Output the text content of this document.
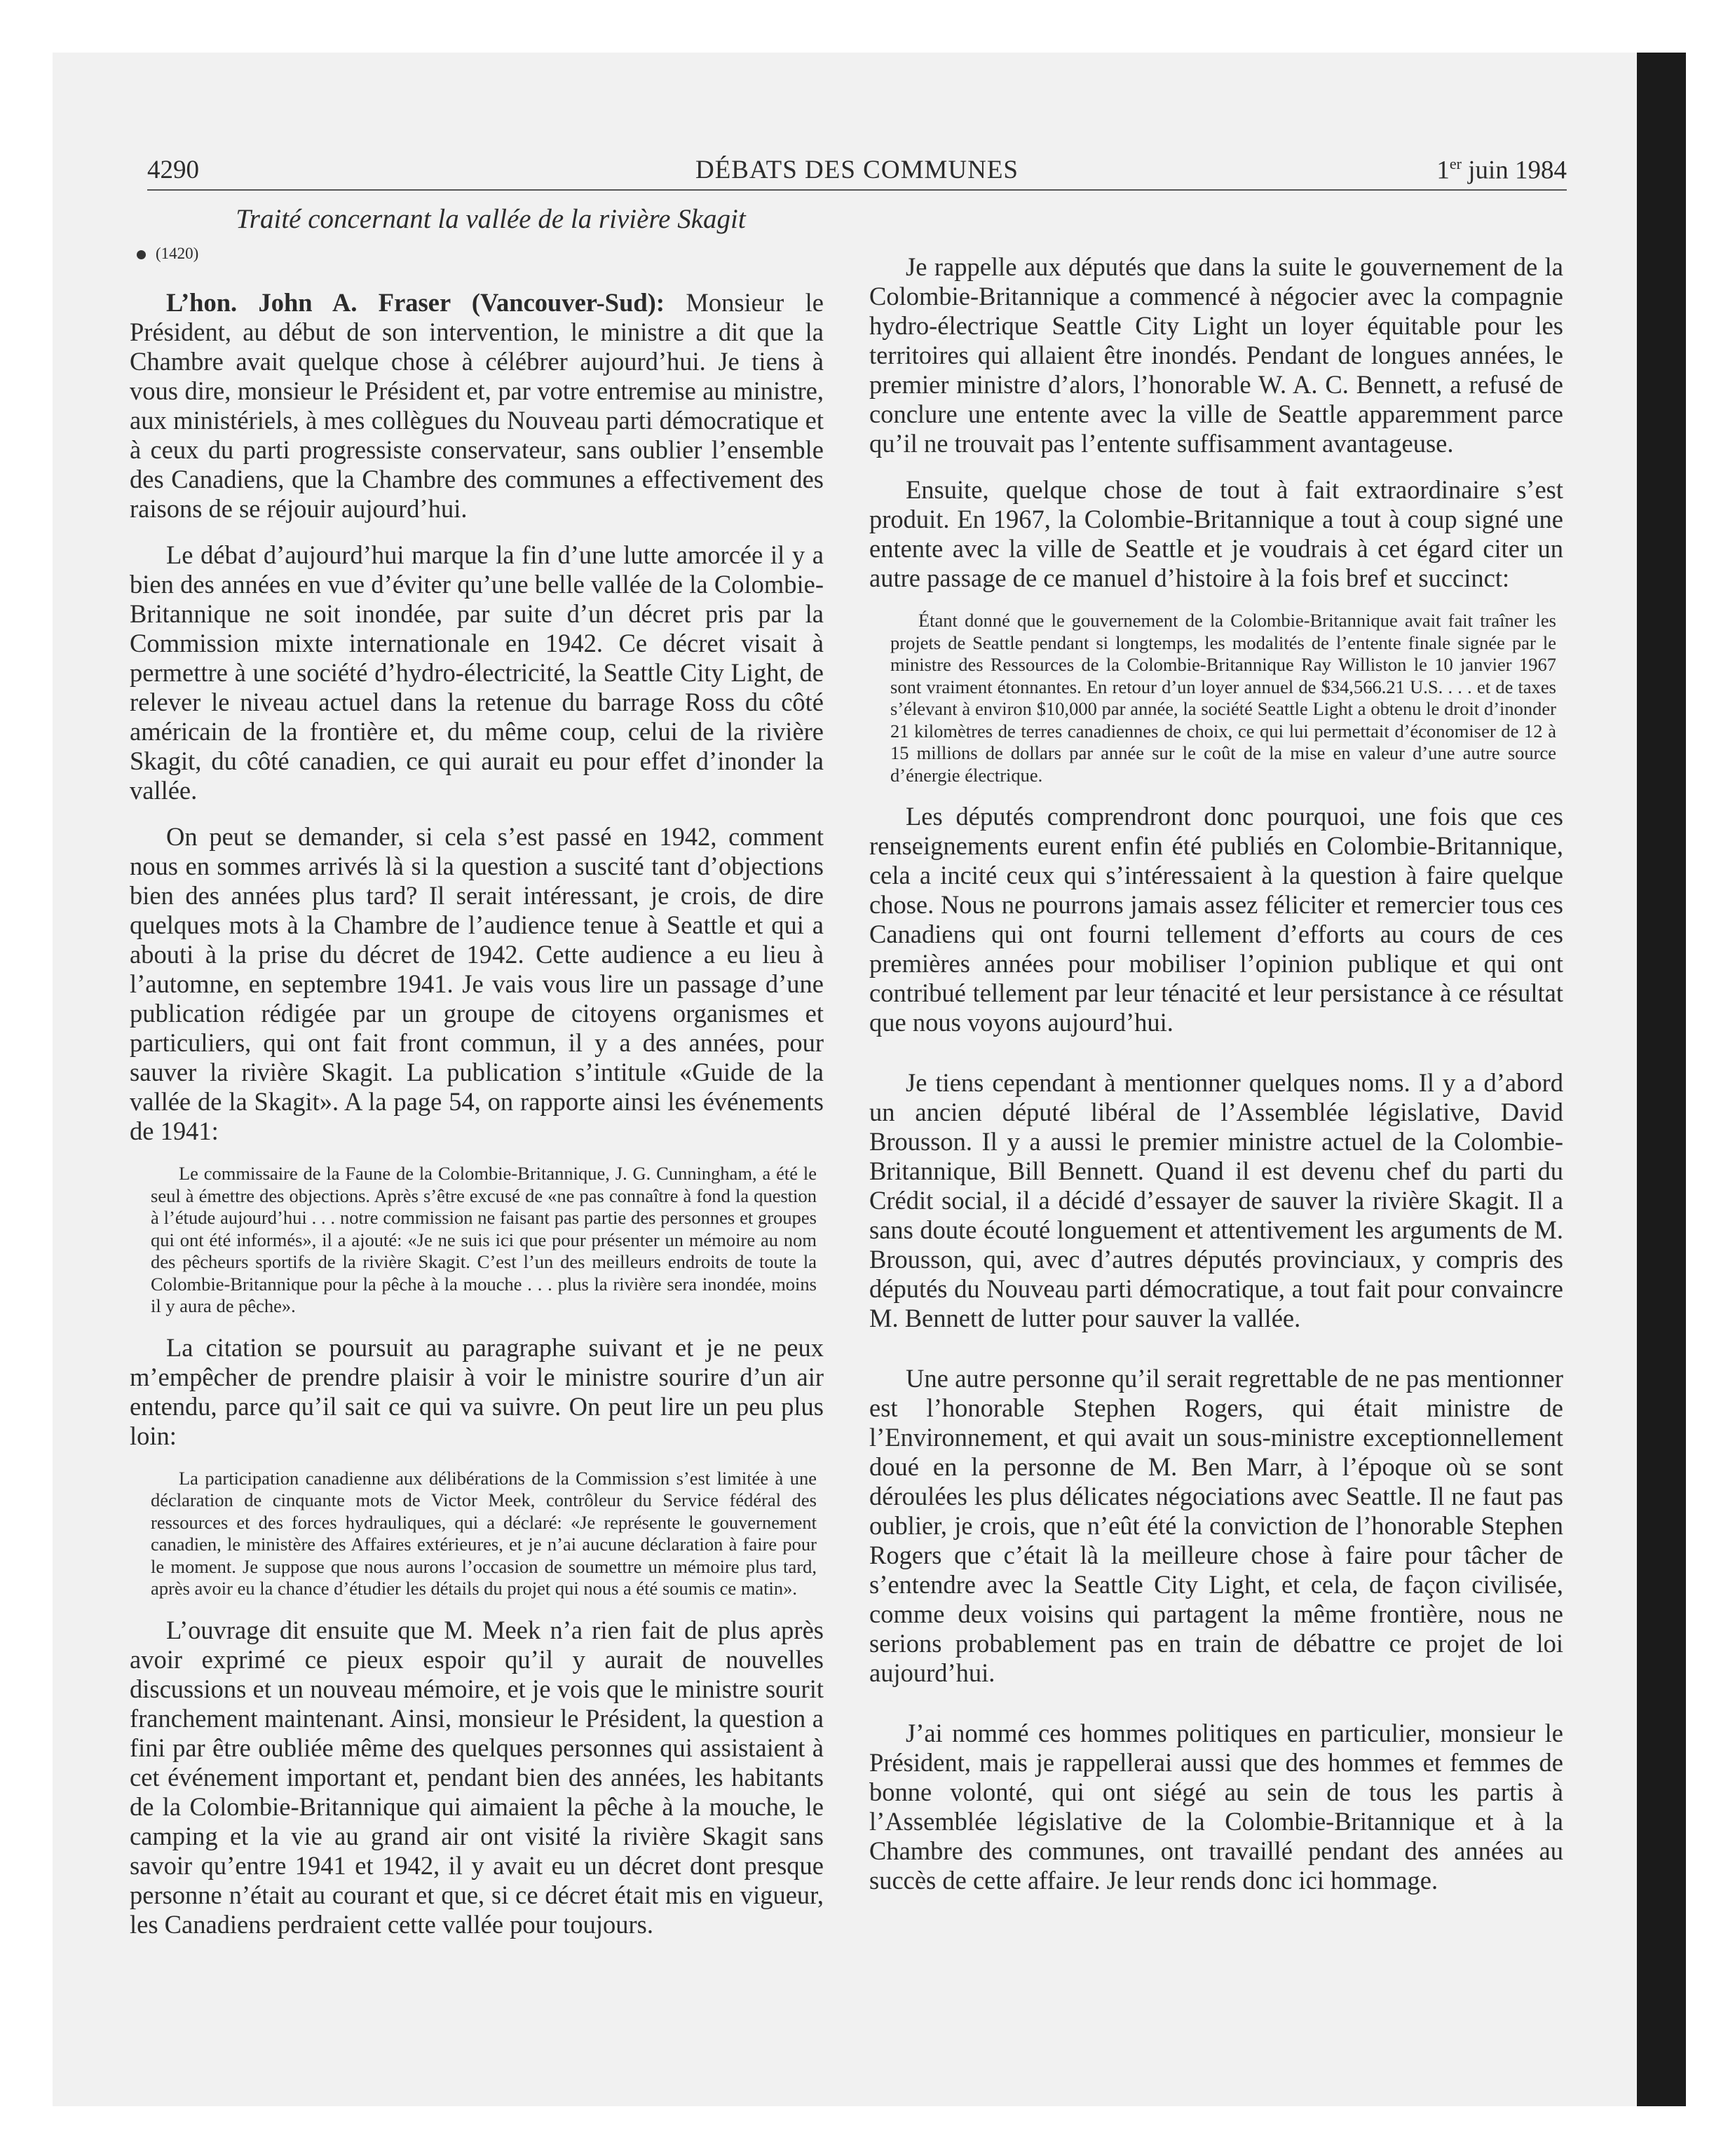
4290	DÉBATS DES COMMUNES	1er juin 1984
Traité concernant la vallée de la rivière Skagit
(1420)

L’hon. John A. Fraser (Vancouver-Sud): Monsieur le Président, au début de son intervention, le ministre a dit que la Chambre avait quelque chose à célébrer aujourd’hui. Je tiens à vous dire, monsieur le Président et, par votre entremise au ministre, aux ministériels, à mes collègues du Nouveau parti démocratique et à ceux du parti progressiste conservateur, sans oublier l’ensemble des Canadiens, que la Chambre des communes a effectivement des raisons de se réjouir aujourd’hui.

Le débat d’aujourd’hui marque la fin d’une lutte amorcée il y a bien des années en vue d’éviter qu’une belle vallée de la Colombie-Britannique ne soit inondée, par suite d’un décret pris par la Commission mixte internationale en 1942. Ce décret visait à permettre à une société d’hydro-électricité, la Seattle City Light, de relever le niveau actuel dans la retenue du barrage Ross du côté américain de la frontière et, du même coup, celui de la rivière Skagit, du côté canadien, ce qui aurait eu pour effet d’inonder la vallée.

On peut se demander, si cela s’est passé en 1942, comment nous en sommes arrivés là si la question a suscité tant d’objections bien des années plus tard? Il serait intéressant, je crois, de dire quelques mots à la Chambre de l’audience tenue à Seattle et qui a abouti à la prise du décret de 1942. Cette audience a eu lieu à l’automne, en septembre 1941. Je vais vous lire un passage d’une publication rédigée par un groupe de citoyens organismes et particuliers, qui ont fait front commun, il y a des années, pour sauver la rivière Skagit. La publication s’intitule «Guide de la vallée de la Skagit». A la page 54, on rapporte ainsi les événements de 1941:

Le commissaire de la Faune de la Colombie-Britannique, J. G. Cunningham, a été le seul à émettre des objections. Après s’être excusé de «ne pas connaître à fond la question à l’étude aujourd’hui . . . notre commission ne faisant pas partie des personnes et groupes qui ont été informés», il a ajouté: «Je ne suis ici que pour présenter un mémoire au nom des pêcheurs sportifs de la rivière Skagit. C’est l’un des meilleurs endroits de toute la Colombie-Britannique pour la pêche à la mouche . . . plus la rivière sera inondée, moins il y aura de pêche».

La citation se poursuit au paragraphe suivant et je ne peux m’empêcher de prendre plaisir à voir le ministre sourire d’un air entendu, parce qu’il sait ce qui va suivre. On peut lire un peu plus loin:

La participation canadienne aux délibérations de la Commission s’est limitée à une déclaration de cinquante mots de Victor Meek, contrôleur du Service fédéral des ressources et des forces hydrauliques, qui a déclaré: «Je représente le gouvernement canadien, le ministère des Affaires extérieures, et je n’ai aucune déclaration à faire pour le moment. Je suppose que nous aurons l’occasion de soumettre un mémoire plus tard, après avoir eu la chance d’étudier les détails du projet qui nous a été soumis ce matin».

L’ouvrage dit ensuite que M. Meek n’a rien fait de plus après avoir exprimé ce pieux espoir qu’il y aurait de nouvelles discussions et un nouveau mémoire, et je vois que le ministre sourit franchement maintenant. Ainsi, monsieur le Président, la question a fini par être oubliée même des quelques personnes qui assistaient à cet événement important et, pendant bien des années, les habitants de la Colombie-Britannique qui aimaient la pêche à la mouche, le camping et la vie au grand air ont visité la rivière Skagit sans savoir qu’entre 1941 et 1942, il y avait eu un décret dont presque personne n’était au courant et que, si ce décret était mis en vigueur, les Canadiens perdraient cette vallée pour toujours.

Je rappelle aux députés que dans la suite le gouvernement de la Colombie-Britannique a commencé à négocier avec la compagnie hydro-électrique Seattle City Light un loyer équitable pour les territoires qui allaient être inondés. Pendant de longues années, le premier ministre d’alors, l’honorable W. A. C. Bennett, a refusé de conclure une entente avec la ville de Seattle apparemment parce qu’il ne trouvait pas l’entente suffisamment avantageuse.

Ensuite, quelque chose de tout à fait extraordinaire s’est produit. En 1967, la Colombie-Britannique a tout à coup signé une entente avec la ville de Seattle et je voudrais à cet égard citer un autre passage de ce manuel d’histoire à la fois bref et succinct:

Étant donné que le gouvernement de la Colombie-Britannique avait fait traîner les projets de Seattle pendant si longtemps, les modalités de l’entente finale signée par le ministre des Ressources de la Colombie-Britannique Ray Williston le 10 janvier 1967 sont vraiment étonnantes. En retour d’un loyer annuel de $34,566.21 U.S. . . . et de taxes s’élevant à environ $10,000 par année, la société Seattle Light a obtenu le droit d’inonder 21 kilomètres de terres canadiennes de choix, ce qui lui permettait d’économiser de 12 à 15 millions de dollars par année sur le coût de la mise en valeur d’une autre source d’énergie électrique.

Les députés comprendront donc pourquoi, une fois que ces renseignements eurent enfin été publiés en Colombie-Britannique, cela a incité ceux qui s’intéressaient à la question à faire quelque chose. Nous ne pourrons jamais assez féliciter et remercier tous ces Canadiens qui ont fourni tellement d’efforts au cours de ces premières années pour mobiliser l’opinion publique et qui ont contribué tellement par leur ténacité et leur persistance à ce résultat que nous voyons aujourd’hui.

Je tiens cependant à mentionner quelques noms. Il y a d’abord un ancien député libéral de l’Assemblée législative, David Brousson. Il y a aussi le premier ministre actuel de la Colombie-Britannique, Bill Bennett. Quand il est devenu chef du parti du Crédit social, il a décidé d’essayer de sauver la rivière Skagit. Il a sans doute écouté longuement et attentivement les arguments de M. Brousson, qui, avec d’autres députés provinciaux, y compris des députés du Nouveau parti démocratique, a tout fait pour convaincre M. Bennett de lutter pour sauver la vallée.

Une autre personne qu’il serait regrettable de ne pas mentionner est l’honorable Stephen Rogers, qui était ministre de l’Environnement, et qui avait un sous-ministre exceptionnellement doué en la personne de M. Ben Marr, à l’époque où se sont déroulées les plus délicates négociations avec Seattle. Il ne faut pas oublier, je crois, que n’eût été la conviction de l’honorable Stephen Rogers que c’était là la meilleure chose à faire pour tâcher de s’entendre avec la Seattle City Light, et cela, de façon civilisée, comme deux voisins qui partagent la même frontière, nous ne serions probablement pas en train de débattre ce projet de loi aujourd’hui.

J’ai nommé ces hommes politiques en particulier, monsieur le Président, mais je rappellerai aussi que des hommes et femmes de bonne volonté, qui ont siégé au sein de tous les partis à l’Assemblée législative de la Colombie-Britannique et à la Chambre des communes, ont travaillé pendant des années au succès de cette affaire. Je leur rends donc ici hommage.
